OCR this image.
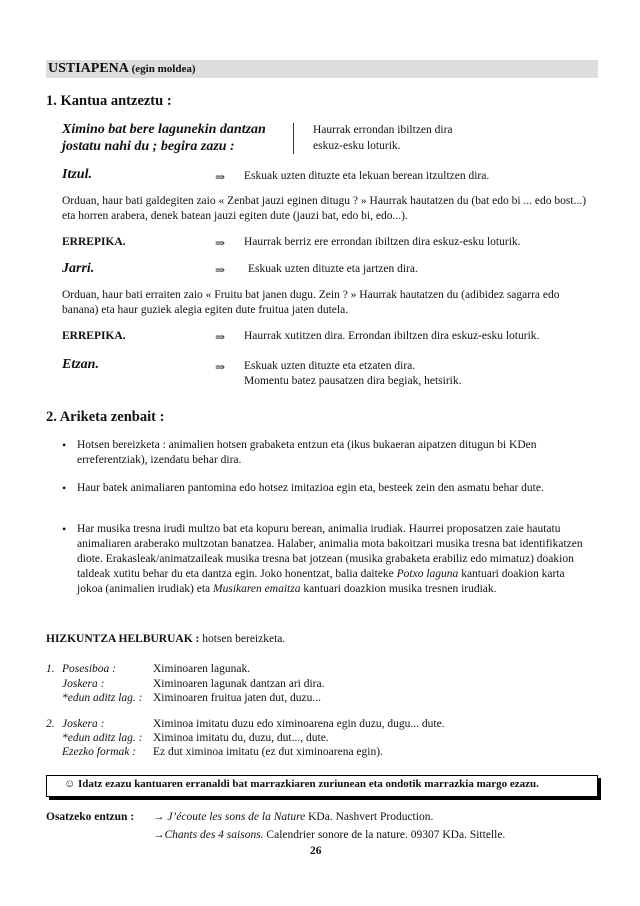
USTIAPENA (egin moldea)
1. Kantua antzeztu :
Ximino bat bere lagunekin dantzan
jostatu nahi du ; begira zazu :
Haurrak errondan ibiltzen dira
eskuz-esku loturik.
Itzul.	⇒ Eskuak uzten dituzte eta lekuan berean itzultzen dira.
Orduan, haur bati galdegiten zaio « Zenbat jauzi eginen ditugu ? » Haurrak hautatzen du (bat edo bi ... edo bost...) eta horren arabera, denek batean jauzi egiten dute (jauzi bat, edo bi, edo...).
ERREPIKA.	⇒ Haurrak berriz ere errondan ibiltzen dira eskuz-esku loturik.
Jarri.	⇒ Eskuak uzten dituzte eta jartzen dira.
Orduan, haur bati erraiten zaio « Fruitu bat janen dugu. Zein ? » Haurrak hautatzen du (adibidez sagarra edo banana) eta haur guziek alegia egiten dute fruitua jaten dutela.
ERREPIKA.	⇒ Haurrak xutitzen dira. Errondan ibiltzen dira eskuz-esku loturik.
Etzan.	⇒ Eskuak uzten dituzte eta etzaten dira.
Momentu batez pausatzen dira begiak, hetsirik.
2. Ariketa zenbait :
• Hotsen bereizketa : animalien hotsen grabaketa entzun eta (ikus bukaeran aipatzen ditugun bi KDen erreferentziak), izendatu behar dira.
• Haur batek animaliaren pantomina edo hotsez imitazioa egin eta, besteek zein den asmatu behar dute.
• Har musika tresna irudi multzo bat eta kopuru berean, animalia irudiak. Haurrei proposatzen zaie hautatu animaliaren araberako multzotan banatzea. Halaber, animalia mota bakoitzari musika tresna bat identifikatzen diote. Erakasleak/animatzaileak musika tresna bat jotzean (musika grabaketa erabiliz edo mimatuz) doakion taldeak xutitu behar du eta dantza egin. Joko honentzat, balia daiteke Potxo laguna kantuari doakion karta jokoa (animalien irudiak) eta Musikaren emaitza kantuari doazkion musika tresnen irudiak.
HIZKUNTZA HELBURUAK : hotsen bereizketa.
1. Posesiboa :	Ximinoaren lagunak.
Joskera :	Ximinoaren lagunak dantzan ari dira.
*edun aditz lag. : Ximinoaren fruitua jaten dut, duzu...
2. Joskera :	Ximinoa imitatu duzu edo ximinoarena egin duzu, dugu... dute.
*edun aditz lag. : Ximinoa imitatu du, duzu, dut..., dute.
Ezezko formak : Ez dut ximinoa imitatu (ez dut ximinoarena egin).
☺ Idatz ezazu kantuaren erranaldi bat marrazkiaren zuriunean eta ondotik marrazkia margo ezazu.
Osatzeko entzun : → J’écoute les sons de la Nature KDa. Nashvert Production.
→Chants des 4 saisons. Calendrier sonore de la nature. 09307 KDa. Sittelle.
26
